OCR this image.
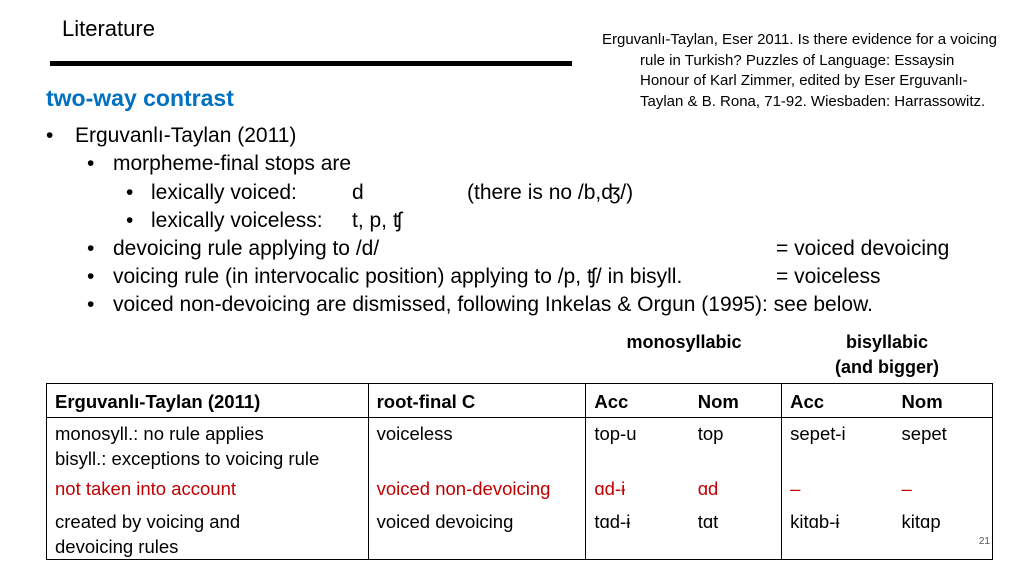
Literature	Erguvanlı-Taylan, Eser 2011. Is there evidence for a voicing rule in Turkish? Puzzles of Language: Essaysin Honour of Karl Zimmer, edited by Eser Erguvanlı-Taylan & B. Rona, 71-92. Wiesbaden: Harrassowitz.
two-way contrast
• Erguvanlı-Taylan (2011)
• morpheme-final stops are
• lexically voiced:	d	(there is no /b,ʤ/)
• lexically voiceless: t, p, ʧ
• devoicing rule applying to /d/	= voiced devoicing
• voicing rule (in intervocalic position) applying to /p, ʧ/ in bisyll.	= voiceless
• voiced non-devoicing are dismissed, following Inkelas & Orgun (1995): see below.
monosyllabic	bisyllabic
(and bigger)
Erguvanlı-Taylan (2011)	root-final C	Acc	Nom	Acc	Nom

monosyll.: no rule applies
bisyll.: exceptions to voicing rule	voiceless	top-u	top	sepet-i	sepet
not taken into account	voiced non-devoicing	ɑd-ɨ	ɑd	–	–

created by voicing and
devoicing rules	voiced devoicing	tɑd-ɨ	tɑt	kitɑb-ɨ	kitɑp
21
